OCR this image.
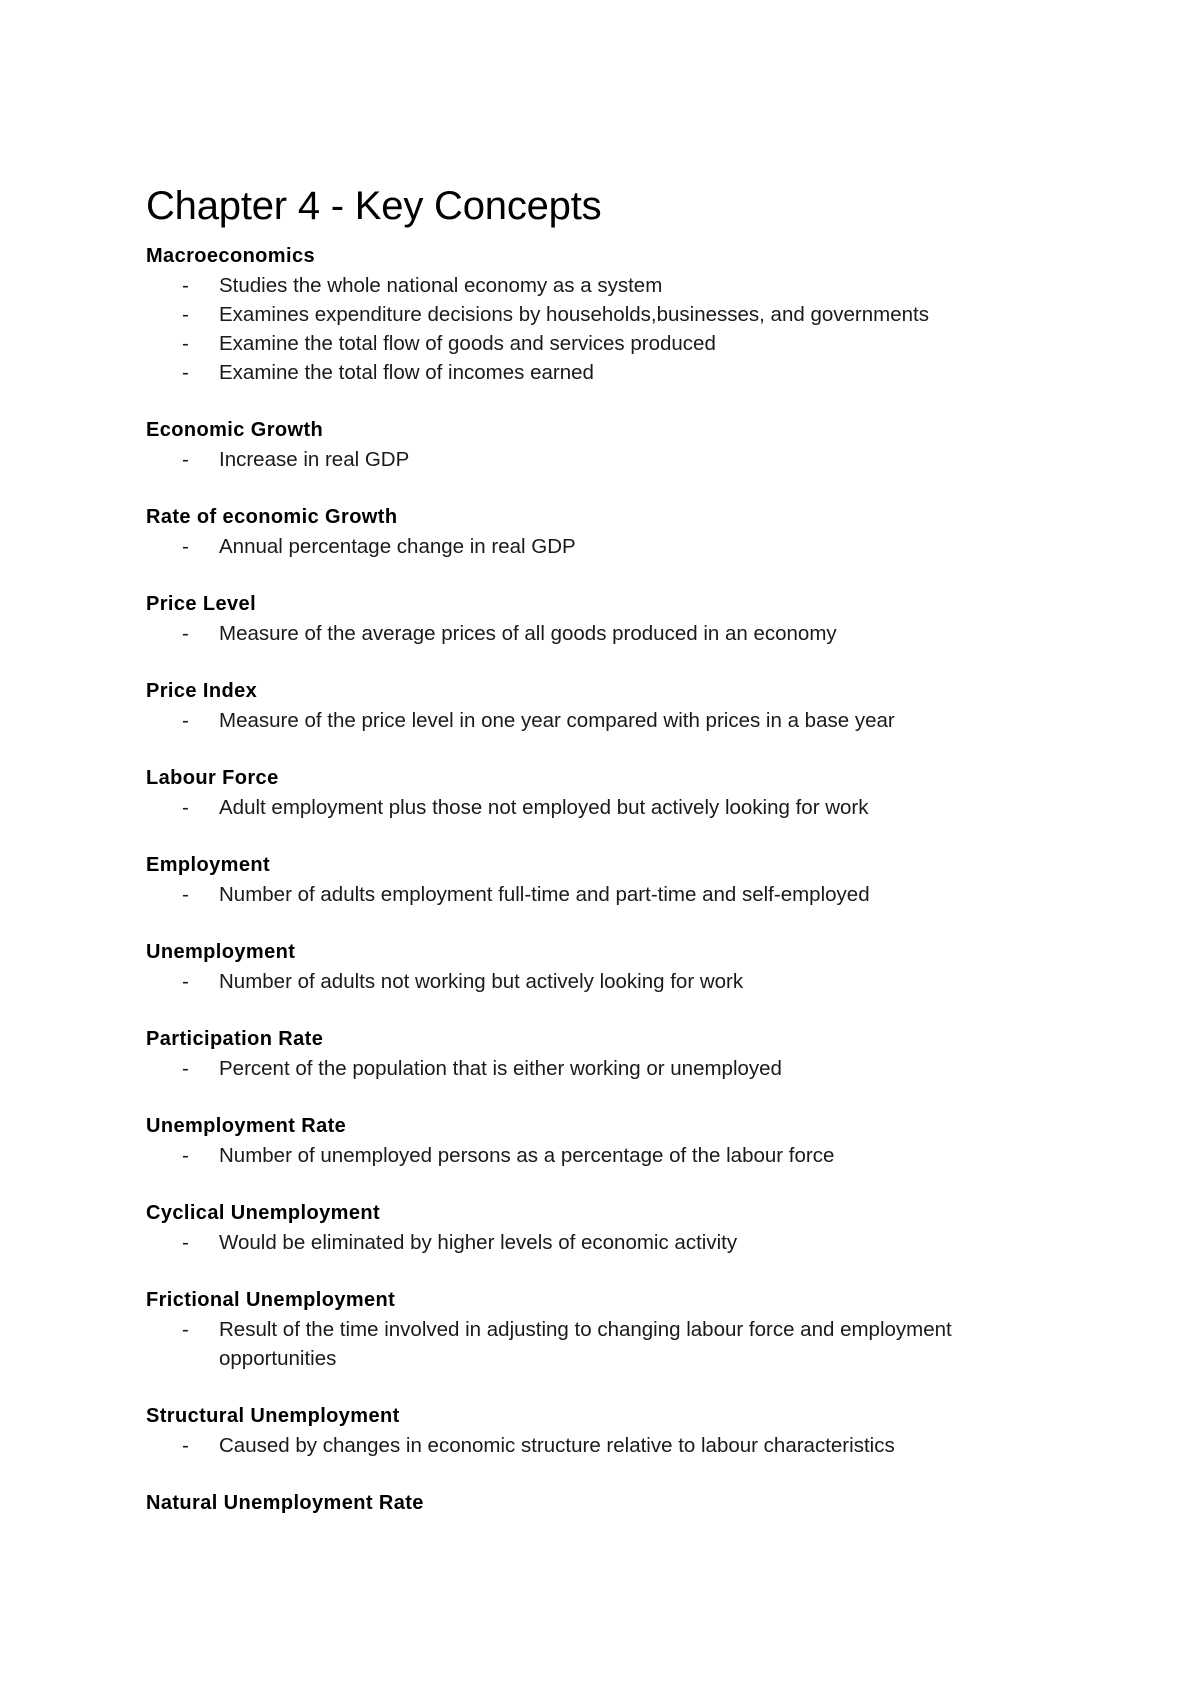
Chapter 4 - Key Concepts
Macroeconomics
-	Studies the whole national economy as a system
-	Examines expenditure decisions by households,businesses, and governments
-	Examine the total flow of goods and services produced
-	Examine the total flow of incomes earned
Economic Growth
-	Increase in real GDP
Rate of economic Growth
-	Annual percentage change in real GDP
Price Level
-	Measure of the average prices of all goods produced in an economy
Price Index
-	Measure of the price level in one year compared with prices in a base year
Labour Force
-	Adult employment plus those not employed but actively looking for work
Employment
-	Number of adults employment full-time and part-time and self-employed
Unemployment
-	Number of adults not working but actively looking for work
Participation Rate
-	Percent of the population that is either working or unemployed
Unemployment Rate
-	Number of unemployed persons as a percentage of the labour force
Cyclical Unemployment
-	Would be eliminated by higher levels of economic activity
Frictional Unemployment
-	Result of the time involved in adjusting to changing labour force and employment opportunities
Structural Unemployment
-	Caused by changes in economic structure relative to labour characteristics
Natural Unemployment Rate
